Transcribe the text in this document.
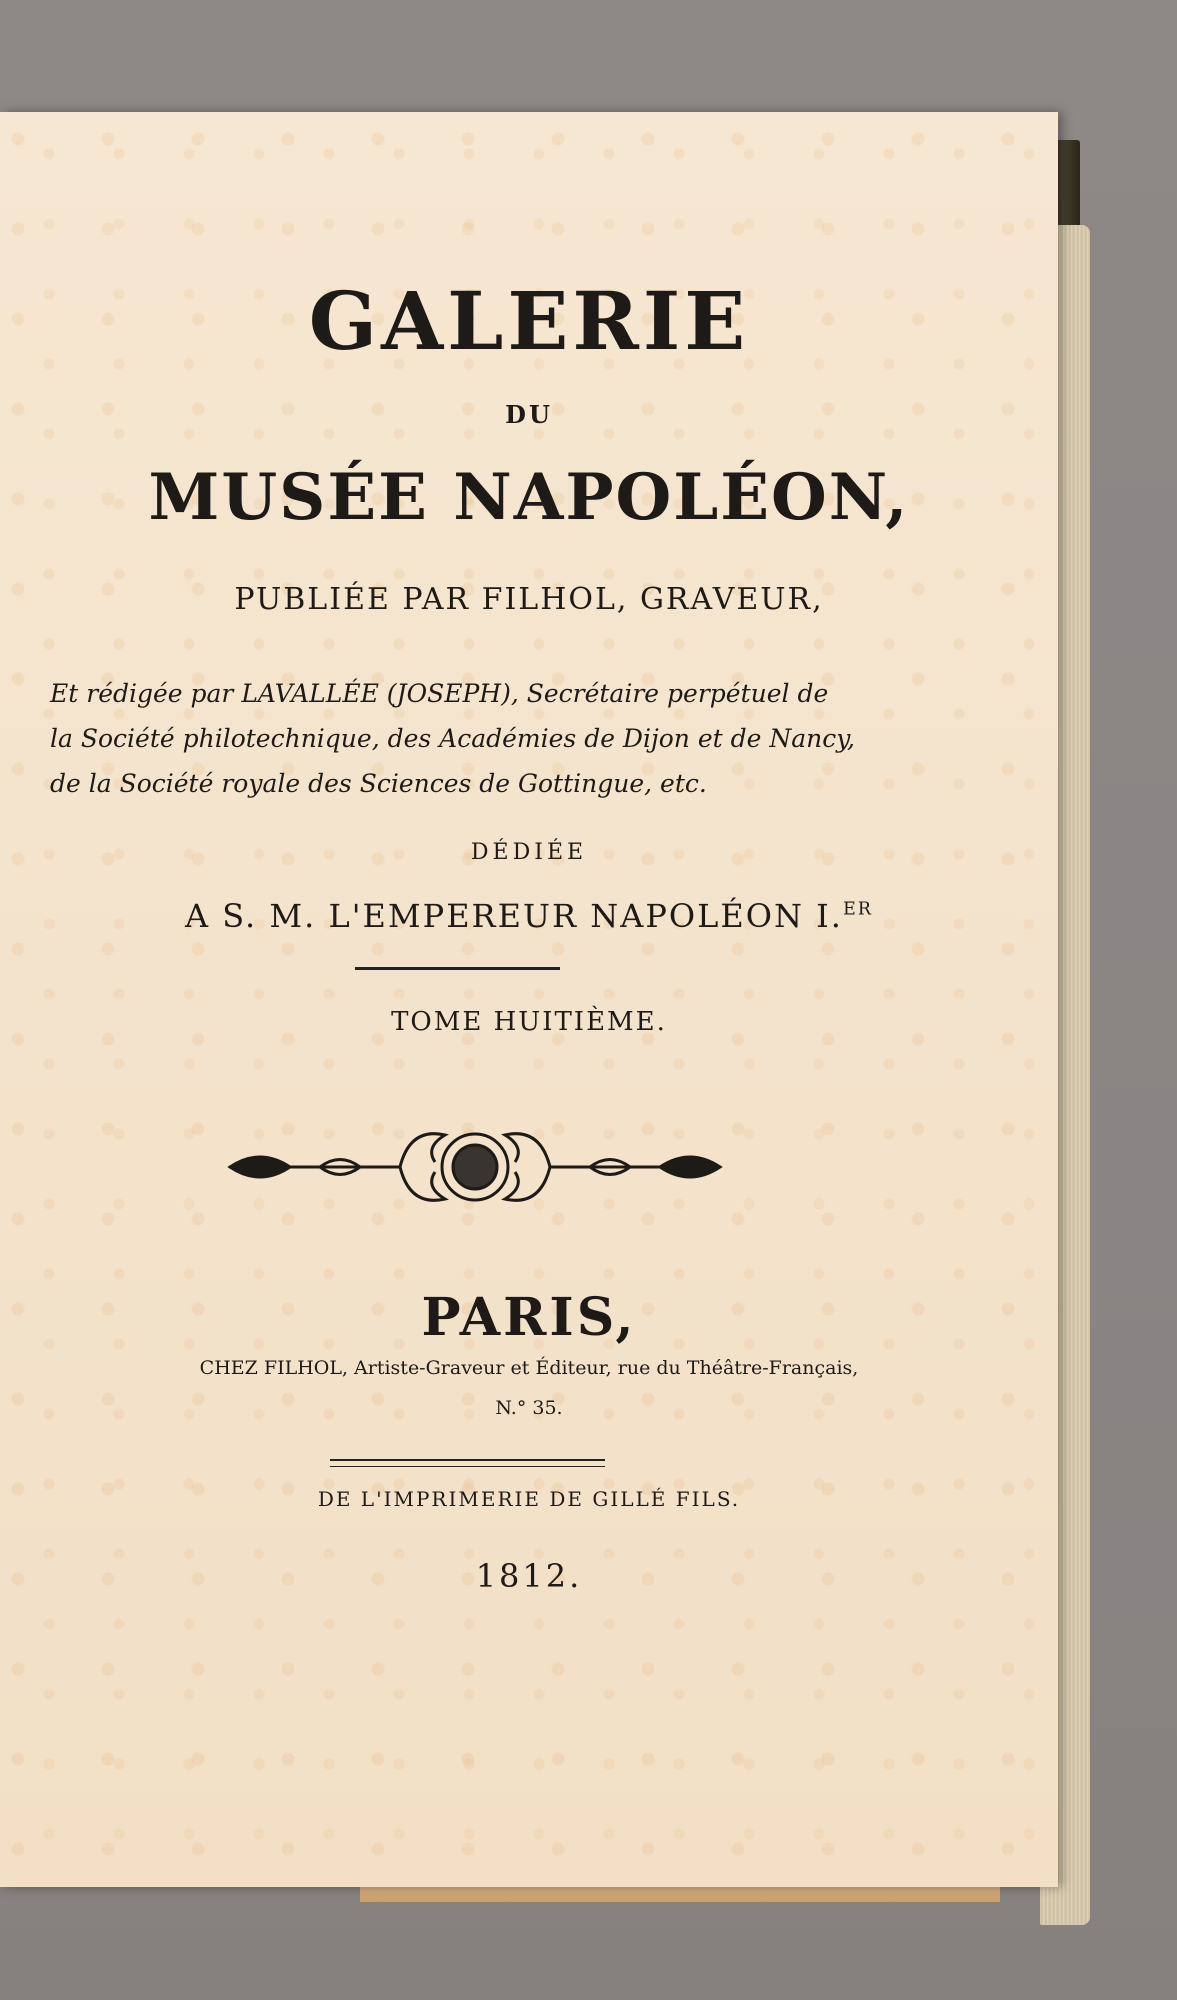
GALERIE
DU
MUSÉE NAPOLÉON,
PUBLIÉE PAR FILHOL, GRAVEUR,
Et rédigée par LAVALLÉE (JOSEPH), Secrétaire perpétuel de
la Société philotechnique, des Académies de Dijon et de Nancy,
de la Société royale des Sciences de Gottingue, etc.
DÉDIÉE
A S. M. L'EMPEREUR NAPOLÉON I.$^{ER}$
TOME HUITIÈME.
PARIS,
CHEZ FILHOL, Artiste-Graveur et Éditeur, rue du Théâtre-Français,
N.° 35.
DE L'IMPRIMERIE DE GILLÉ FILS.
1812.
